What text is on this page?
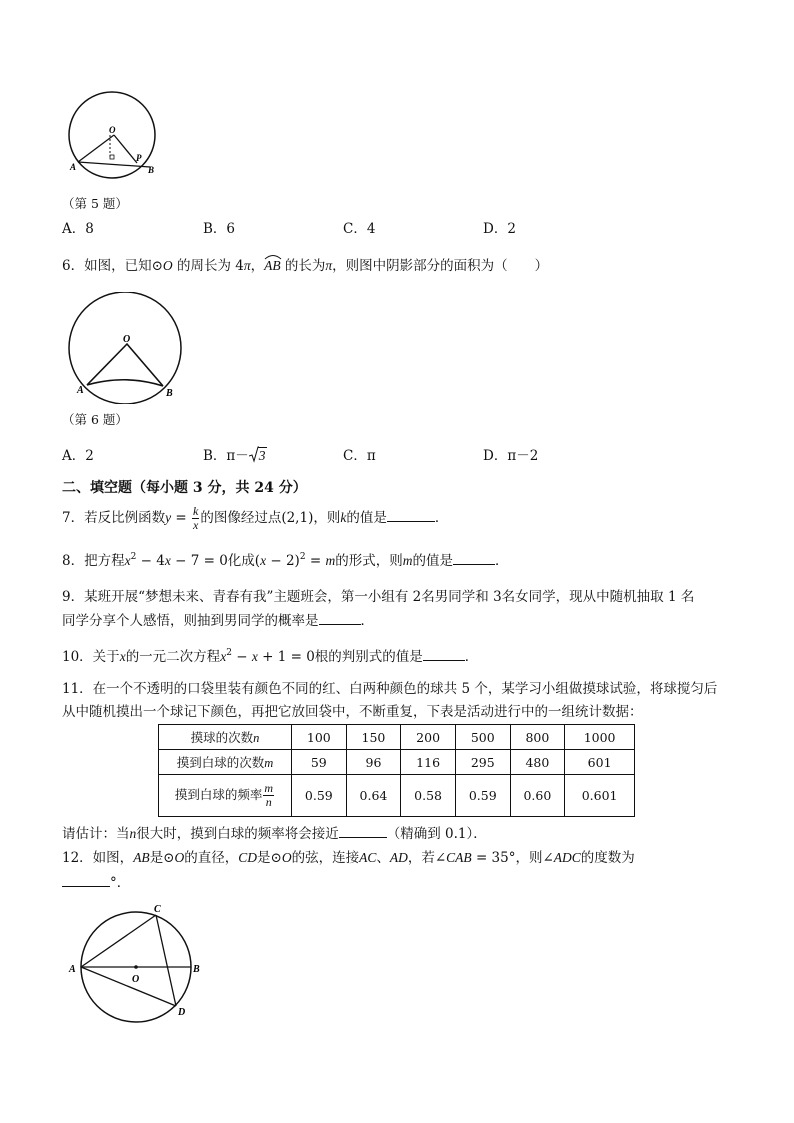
O
A
P
B
（第 5 题）
A．8	B．6	C．4	D．2
6．如图，已知⊙O 的周长为 4π，
AB 的长为π，则图中阴影部分的面积为（　　）
O
A	B
（第 6 题）
A．2	B．π－ 3	C．π	D．π－2
二、填空题（每小题 3 分，共 24 分）
7．若反比例函数$y = \frac{k}{x}$ 的图像经过点(2,1)，则k的值是	．
8．把方程$x^2 - 4x - 7 = 0$化成$(x - 2)^2 = m$的形式，则m的值是	．
9．某班开展“梦想未来、青春有我”主题班会，第一小组有 2名男同学和 3名女同学，现从中随机抽取 1 名
同学分享个人感悟，则抽到男同学的概率是	．
10．关于x的一元二次方程$x^2 - x + 1 = 0$根的判别式的值是	．
11．在一个不透明的口袋里装有颜色不同的红、白两种颜色的球共 5 个，某学习小组做摸球试验，将球搅匀后
从中随机摸出一个球记下颜色，再把它放回袋中，不断重复，下表是活动进行中的一组统计数据：
摸球的次数n	100	150	200	500	800	1000
摸到白球的次数m	59	96	116	295	480	601
摸到白球的频率 $\frac{m}{n}$	0.59	0.64	0.58	0.59	0.60	0.601
请估计：当n很大时，摸到白球的频率将会接近	（精确到 0.1）．
12．如图，AB是⊙O的直径，CD是⊙O的弦，连接AC、AD，若∠CAB = 35°，则∠ADC的度数为
°．
A	B
C
D
O
